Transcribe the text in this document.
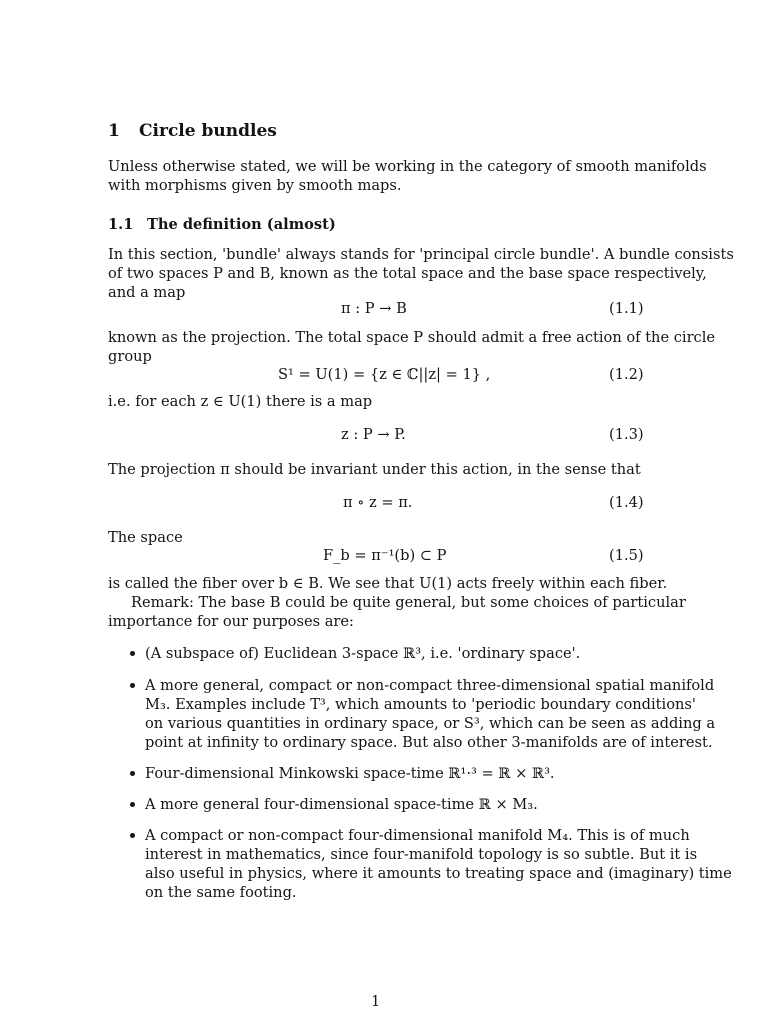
1 Circle bundles
Unless otherwise stated, we will be working in the category of smooth manifolds
with morphisms given by smooth maps.
1.1 The definition (almost)
In this section, 'bundle' always stands for 'principal circle bundle'. A bundle consists
of two spaces P and B, known as the total space and the base space respectively,
and a map
π : P → B	(1.1)
known as the projection. The total space P should admit a free action of the circle
group
S¹ = U(1) = {z ∈ ℂ||z| = 1} ,	(1.2)
i.e. for each z ∈ U(1) there is a map
z : P → P.	(1.3)
The projection π should be invariant under this action, in the sense that
π ∘ z = π.	(1.4)
The space
F_b = π⁻¹(b) ⊂ P	(1.5)
is called the fiber over b ∈ B. We see that U(1) acts freely within each fiber.
Remark: The base B could be quite general, but some choices of particular
importance for our purposes are:
(A subspace of) Euclidean 3-space ℝ³, i.e. 'ordinary space'.
A more general, compact or non-compact three-dimensional spatial manifold
M₃. Examples include T³, which amounts to 'periodic boundary conditions'
on various quantities in ordinary space, or S³, which can be seen as adding a
point at infinity to ordinary space. But also other 3-manifolds are of interest.
Four-dimensional Minkowski space-time ℝ¹·³ = ℝ × ℝ³.
A more general four-dimensional space-time ℝ × M₃.
A compact or non-compact four-dimensional manifold M₄. This is of much
interest in mathematics, since four-manifold topology is so subtle. But it is
also useful in physics, where it amounts to treating space and (imaginary) time
on the same footing.
1
